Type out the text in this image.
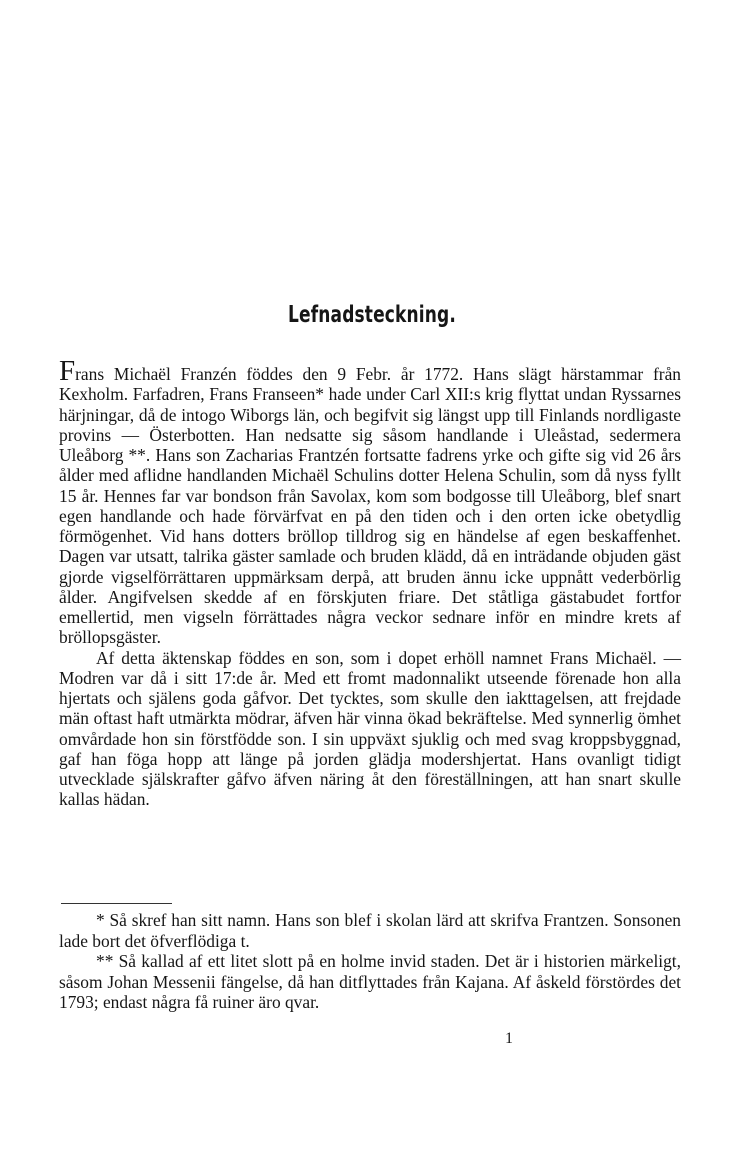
Lefnadsteckning.

Frans Michaël Franzén föddes den 9 Febr. år 1772. Hans slägt härstammar från Kexholm. Farfadren, Frans Franseen* hade under Carl XII:s krig flyttat undan Ryssarnes härjningar, då de intogo Wiborgs län, och begifvit sig längst upp till Finlands nordligaste provins — Österbotten. Han nedsatte sig såsom handlande i Uleåstad, sedermera Uleåborg **. Hans son Zacharias Frantzén fortsatte fadrens yrke och gifte sig vid 26 års ålder med aflidne handlanden Michaël Schulins dotter Helena Schulin, som då nyss fyllt 15 år. Hennes far var bondson från Savolax, kom som bodgosse till Uleåborg, blef snart egen handlande och hade förvärfvat en på den tiden och i den orten icke obetydlig förmögenhet. Vid hans dotters bröllop tilldrog sig en händelse af egen beskaffenhet. Dagen var utsatt, talrika gäster samlade och bruden klädd, då en inträdande objuden gäst gjorde vigselförrättaren uppmärksam derpå, att bruden ännu icke uppnått vederbörlig ålder. Angifvelsen skedde af en förskjuten friare. Det ståtliga gästabudet fortfor emellertid, men vigseln förrättades några veckor sednare inför en mindre krets af bröllopsgäster.

Af detta äktenskap föddes en son, som i dopet erhöll namnet Frans Michaël. — Modren var då i sitt 17:de år. Med ett fromt madonnalikt utseende förenade hon alla hjertats och själens goda gåfvor. Det tycktes, som skulle den iakttagelsen, att frejdade män oftast haft utmärkta mödrar, äfven här vinna ökad bekräftelse. Med synnerlig ömhet omvårdade hon sin förstfödde son. I sin uppväxt sjuklig och med svag kroppsbyggnad, gaf han föga hopp att länge på jorden glädja modershjertat. Hans ovanligt tidigt utvecklade själskrafter gåfvo äfven näring åt den föreställningen, att han snart skulle kallas hädan.

* Så skref han sitt namn. Hans son blef i skolan lärd att skrifva Frantzen. Sonsonen lade bort det öfverflödiga t.

** Så kallad af ett litet slott på en holme invid staden. Det är i historien märkeligt, såsom Johan Messenii fängelse, då han ditflyttades från Kajana. Af åskeld förstördes det 1793; endast några få ruiner äro qvar.

1
